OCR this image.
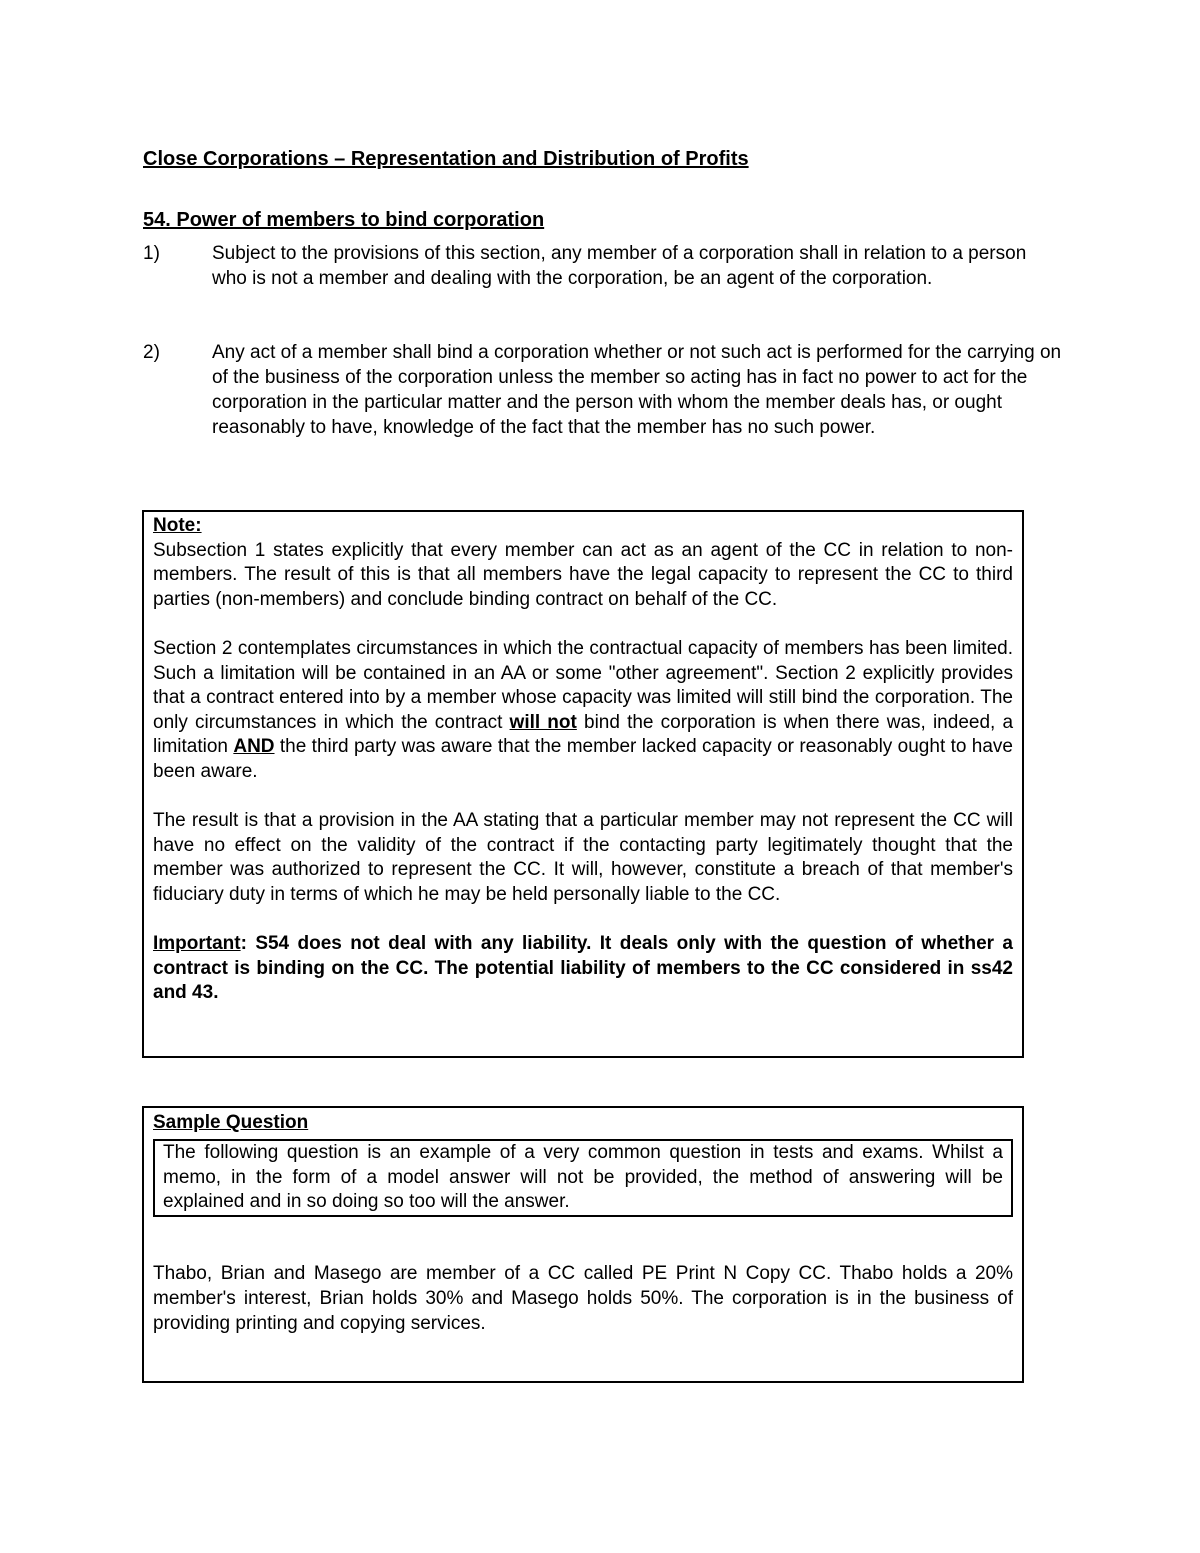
Close Corporations – Representation and Distribution of Profits
54. Power of members to bind corporation
1)	Subject to the provisions of this section, any member of a corporation shall in relation to a person who is not a member and dealing with the corporation, be an agent of the corporation.
2)	Any act of a member shall bind a corporation whether or not such act is performed for the carrying on of the business of the corporation unless the member so acting has in fact no power to act for the corporation in the particular matter and the person with whom the member deals has, or ought reasonably to have, knowledge of the fact that the member has no such power.

Note:

Subsection 1 states explicitly that every member can act as an agent of the CC in relation to non-members. The result of this is that all members have the legal capacity to represent the CC to third parties (non-members) and conclude binding contract on behalf of the CC.

Section 2 contemplates circumstances in which the contractual capacity of members has been limited. Such a limitation will be contained in an AA or some "other agreement". Section 2 explicitly provides that a contract entered into by a member whose capacity was limited will still bind the corporation. The only circumstances in which the contract will not bind the corporation is when there was, indeed, a limitation AND the third party was aware that the member lacked capacity or reasonably ought to have been aware.

The result is that a provision in the AA stating that a particular member may not represent the CC will have no effect on the validity of the contract if the contacting party legitimately thought that the member was authorized to represent the CC. It will, however, constitute a breach of that member's fiduciary duty in terms of which he may be held personally liable to the CC.

Important: S54 does not deal with any liability. It deals only with the question of whether a contract is binding on the CC. The potential liability of members to the CC considered in ss42 and 43.

Sample Question

The following question is an example of a very common question in tests and exams. Whilst a memo, in the form of a model answer will not be provided, the method of answering will be explained and in so doing so too will the answer.

Thabo, Brian and Masego are member of a CC called PE Print N Copy CC. Thabo holds a 20% member's interest, Brian holds 30% and Masego holds 50%. The corporation is in the business of providing printing and copying services.
